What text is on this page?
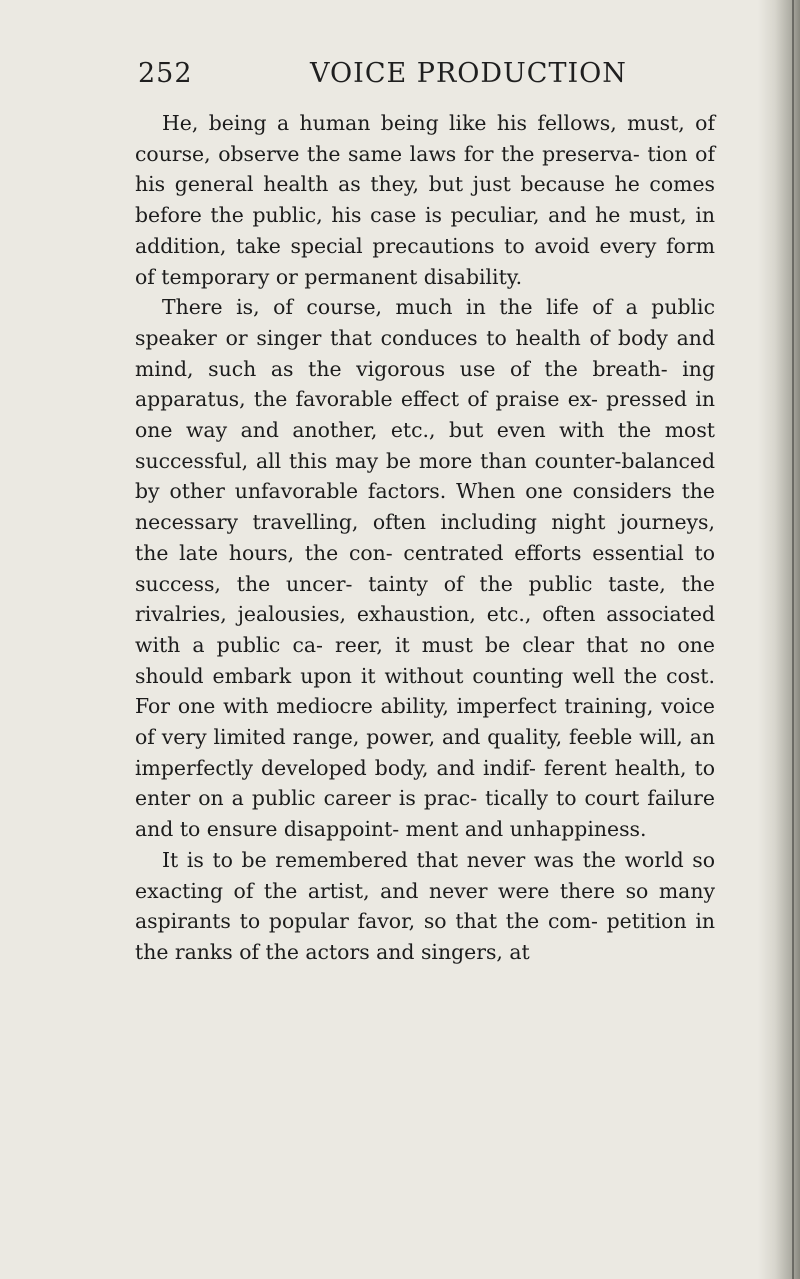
252	VOICE PRODUCTION

He, being a human being like his fellows, must, of course, observe the same laws for the preserva- tion of his general health as they, but just because he comes before the public, his case is peculiar, and he must, in addition, take special precautions to avoid every form of temporary or permanent disability.

There is, of course, much in the life of a public speaker or singer that conduces to health of body and mind, such as the vigorous use of the breath- ing apparatus, the favorable effect of praise ex- pressed in one way and another, etc., but even with the most successful, all this may be more than counter-balanced by other unfavorable factors. When one considers the necessary travelling, often including night journeys, the late hours, the con- centrated efforts essential to success, the uncer- tainty of the public taste, the rivalries, jealousies, exhaustion, etc., often associated with a public ca- reer, it must be clear that no one should embark upon it without counting well the cost. For one with mediocre ability, imperfect training, voice of very limited range, power, and quality, feeble will, an imperfectly developed body, and indif- ferent health, to enter on a public career is prac- tically to court failure and to ensure disappoint- ment and unhappiness.

It is to be remembered that never was the world so exacting of the artist, and never were there so many aspirants to popular favor, so that the com- petition in the ranks of the actors and singers, at
